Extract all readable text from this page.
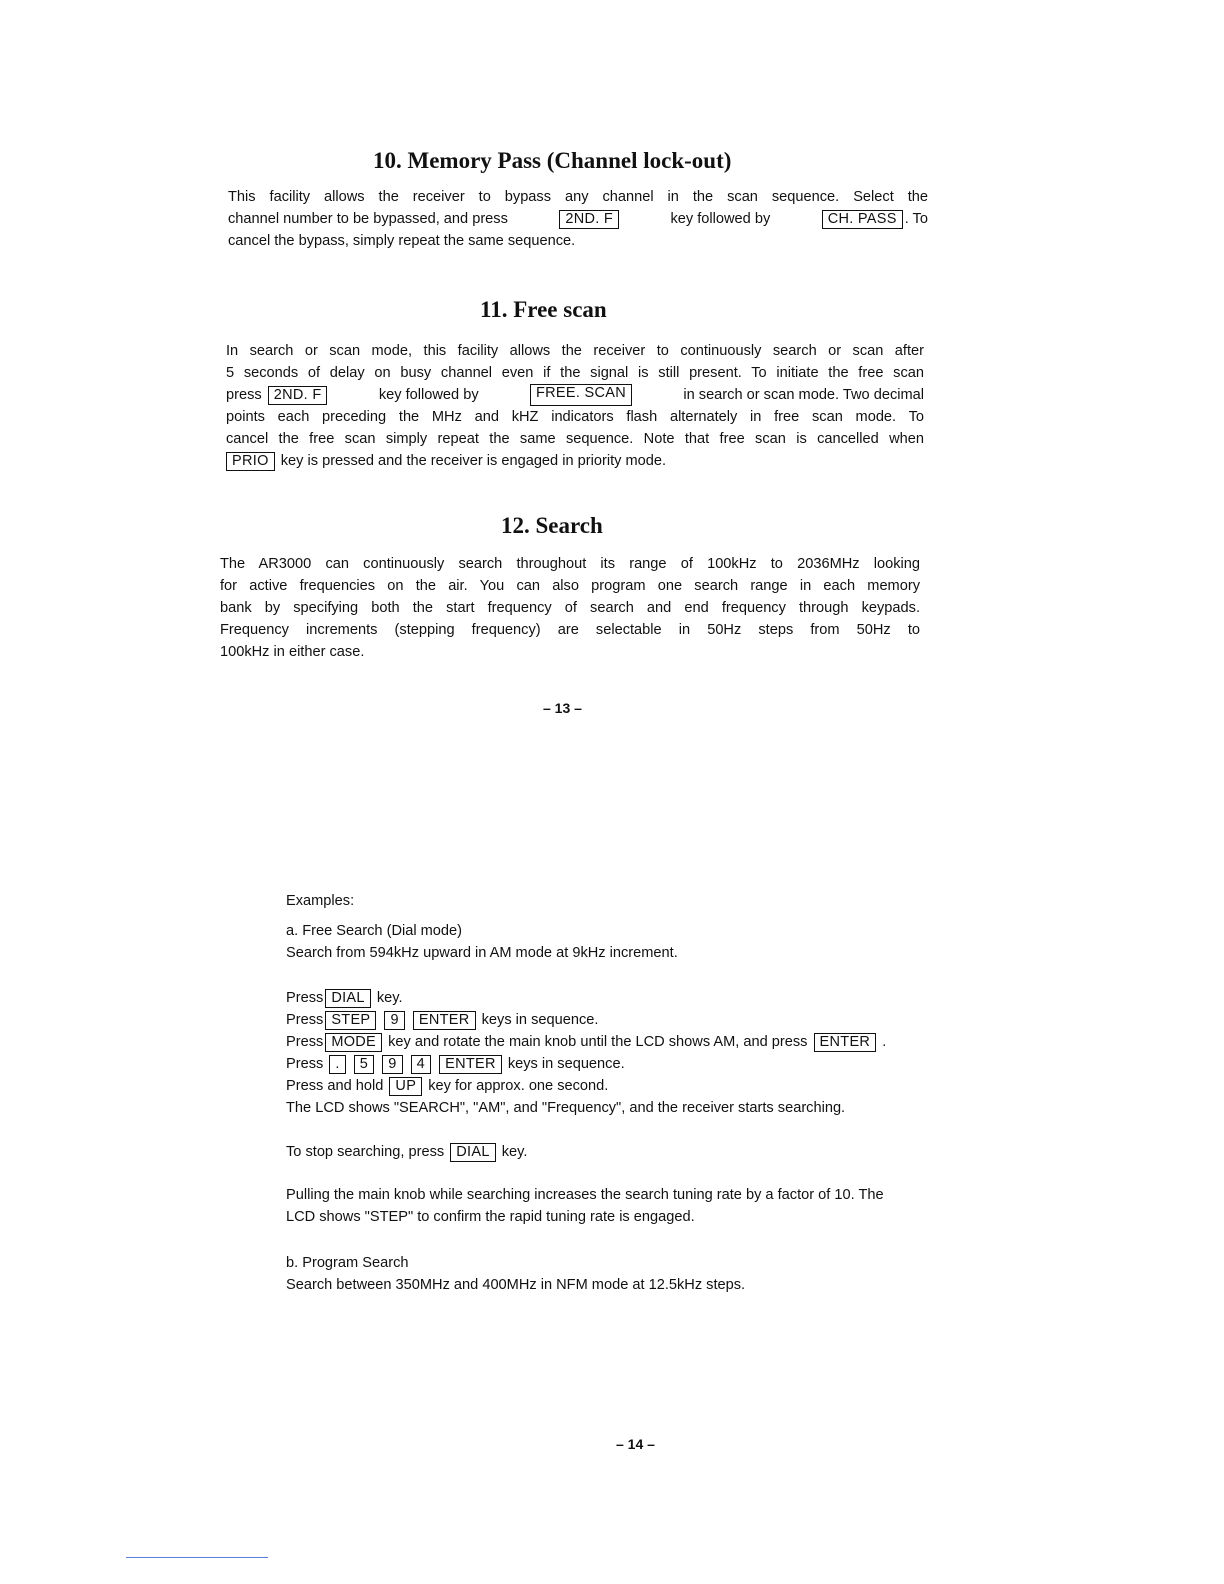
10. Memory Pass (Channel lock-out)
This facility allows the receiver to bypass any channel in the scan sequence. Select the
channel number to be bypassed, and press	2ND. F	key followed by	CH. PASS . To
cancel the bypass, simply repeat the same sequence.
11. Free scan
In search or scan mode, this facility allows the receiver to continuously search or scan after
5 seconds of delay on busy channel even if the signal is still present. To initiate the free scan
press 2ND. F	key followed by	FREE. SCAN	in search or scan mode. Two decimal
points each preceding the MHz and kHZ indicators flash alternately in free scan mode. To
cancel the free scan simply repeat the same sequence. Note that free scan is cancelled when
PRIO key is pressed and the receiver is engaged in priority mode.
12. Search
The AR3000 can continuously search throughout its range of 100kHz to 2036MHz looking
for active frequencies on the air. You can also program one search range in each memory
bank by specifying both the start frequency of search and end frequency through keypads.
Frequency increments (stepping frequency) are selectable in 50Hz steps from 50Hz to
100kHz in either case.
– 13 –
Examples:
a. Free Search (Dial mode)
Search from 594kHz upward in AM mode at 9kHz increment.
Press DIAL key.
Press STEP 9 ENTER keys in sequence.
Press MODE key and rotate the main knob until the LCD shows AM, and press ENTER .
Press . 5 9 4 ENTER keys in sequence.
Press and hold UP key for approx. one second.
The LCD shows "SEARCH", "AM", and "Frequency", and the receiver starts searching.
To stop searching, press DIAL key.
Pulling the main knob while searching increases the search tuning rate by a factor of 10. The
LCD shows "STEP" to confirm the rapid tuning rate is engaged.
b. Program Search
Search between 350MHz and 400MHz in NFM mode at 12.5kHz steps.
– 14 –
